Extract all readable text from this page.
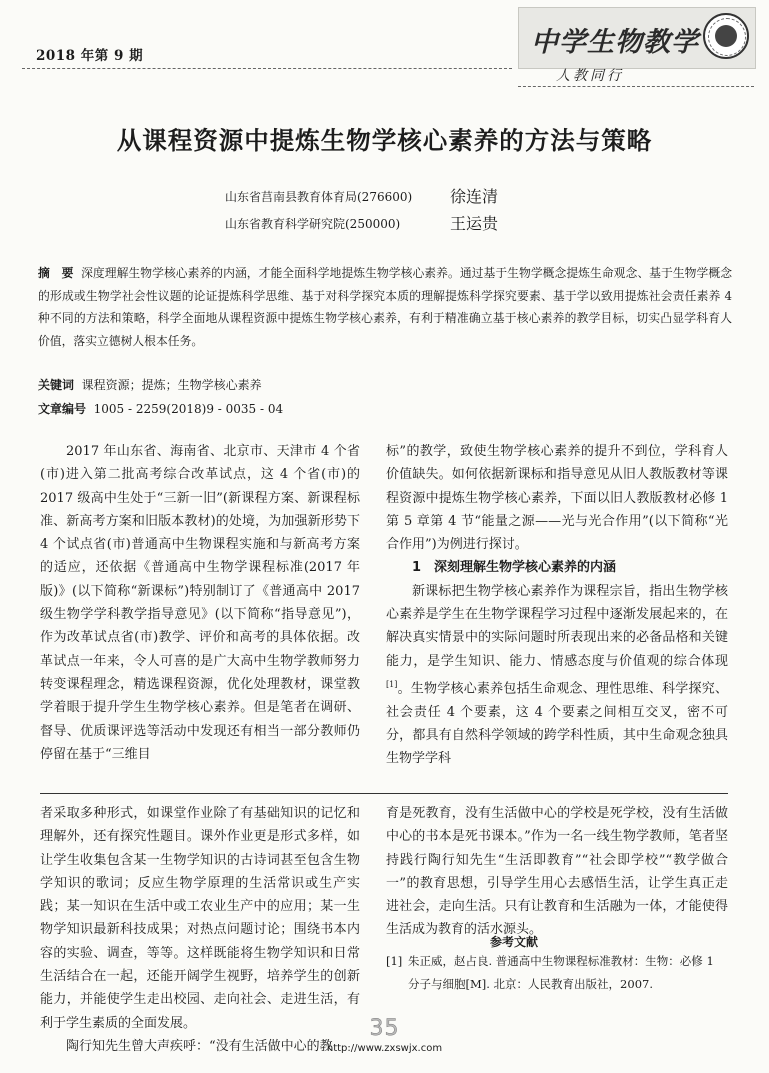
2018 年第 9 期	中学生物教学
人教同行
从课程资源中提炼生物学核心素养的方法与策略
山东省莒南县教育体育局(276600) 徐连清
山东省教育科学研究院(250000)	王运贵
摘　要 深度理解生物学核心素养的内涵，才能全面科学地提炼生物学核心素养。通过基于生物学概念提炼生命观念、基于生物学概念的形成或生物学社会性议题的论证提炼科学思维、基于对科学探究本质的理解提炼科学探究要素、基于学以致用提炼社会责任素养 4 种不同的方法和策略，科学全面地从课程资源中提炼生物学核心素养，有利于精准确立基于核心素养的教学目标，切实凸显学科育人价值，落实立德树人根本任务。
关键词 课程资源；提炼；生物学核心素养
文章编号 1005 - 2259(2018)9 - 0035 - 04

2017 年山东省、海南省、北京市、天津市 4 个省(市)进入第二批高考综合改革试点，这 4 个省(市)的 2017 级高中生处于“三新一旧”(新课程方案、新课程标准、新高考方案和旧版本教材)的处境，为加强新形势下 4 个试点省(市)普通高中生物课程实施和与新高考方案的适应，还依据《普通高中生物学课程标准(2017 年版)》(以下简称“新课标”)特别制订了《普通高中 2017 级生物学学科教学指导意见》(以下简称“指导意见”)，作为改革试点省(市)教学、评价和高考的具体依据。改革试点一年来，令人可喜的是广大高中生物学教师努力转变课程理念，精选课程资源，优化处理教材，课堂教学着眼于提升学生生物学核心素养。但是笔者在调研、督导、优质课评选等活动中发现还有相当一部分教师仍停留在基于“三维目

标”的教学，致使生物学核心素养的提升不到位，学科育人价值缺失。如何依据新课标和指导意见从旧人教版教材等课程资源中提炼生物学核心素养，下面以旧人教版教材必修 1 第 5 章第 4 节“能量之源——光与光合作用”(以下简称“光合作用”)为例进行探讨。

1　深刻理解生物学核心素养的内涵

新课标把生物学核心素养作为课程宗旨，指出生物学核心素养是学生在生物学课程学习过程中逐渐发展起来的，在解决真实情景中的实际问题时所表现出来的必备品格和关键能力，是学生知识、能力、情感态度与价值观的综合体现[1]。生物学核心素养包括生命观念、理性思维、科学探究、社会责任 4 个要素，这 4 个要素之间相互交叉，密不可分，都具有自然科学领域的跨学科性质，其中生命观念独具生物学学科

者采取多种形式，如课堂作业除了有基础知识的记忆和理解外，还有探究性题目。课外作业更是形式多样，如让学生收集包含某一生物学知识的古诗词甚至包含生物学知识的歌词；反应生物学原理的生活常识或生产实践；某一知识在生活中或工农业生产中的应用；某一生物学知识最新科技成果；对热点问题讨论；围绕书本内容的实验、调查，等等。这样既能将生物学知识和日常生活结合在一起，还能开阔学生视野，培养学生的创新能力，并能使学生走出校园、走向社会、走进生活，有利于学生素质的全面发展。

陶行知先生曾大声疾呼：“没有生活做中心的教

育是死教育，没有生活做中心的学校是死学校，没有生活做中心的书本是死书课本。”作为一名一线生物学教师，笔者坚持践行陶行知先生“生活即教育”“社会即学校”“教学做合一”的教育思想，引导学生用心去感悟生活，让学生真正走进社会，走向生活。只有让教育和生活融为一体，才能使得生活成为教育的活水源头。

参考文献
[1] 朱正威，赵占良. 普通高中生物课程标准教材：生物：必修 1 分子与细胞[M]. 北京：人民教育出版社，2007.
35
http://www.zxswjx.com
